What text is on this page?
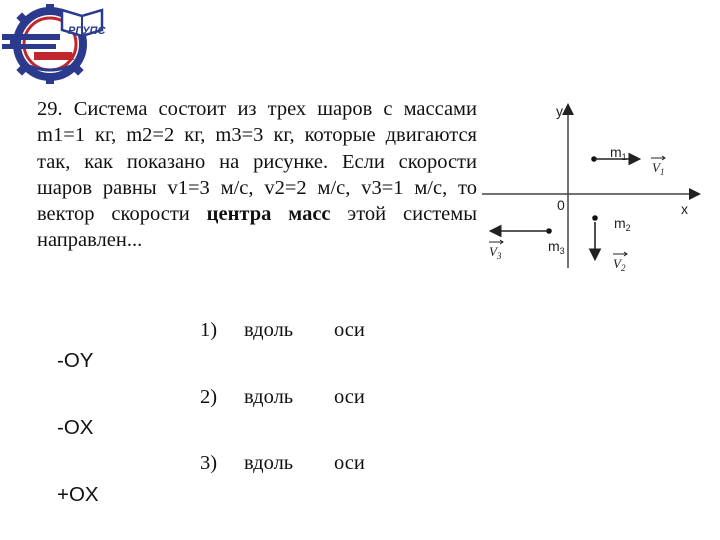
РГУПС
29. Система состоит из трех шаров с массами m1=1 кг, m2=2 кг, m3=3 кг, которые двигаются так, как показано на рисунке. Если скорости шаров равны v1=3 м/с, v2=2 м/с, v3=1 м/с, то вектор скорости центра масс этой системы направлен...
y
x
0
$m_1$
$V_1$
$m_2$
$V_2$
$m_3$
$V_3$
1) вдоль оси
-OY
2) вдоль оси
-OX
3) вдоль оси
+OX
